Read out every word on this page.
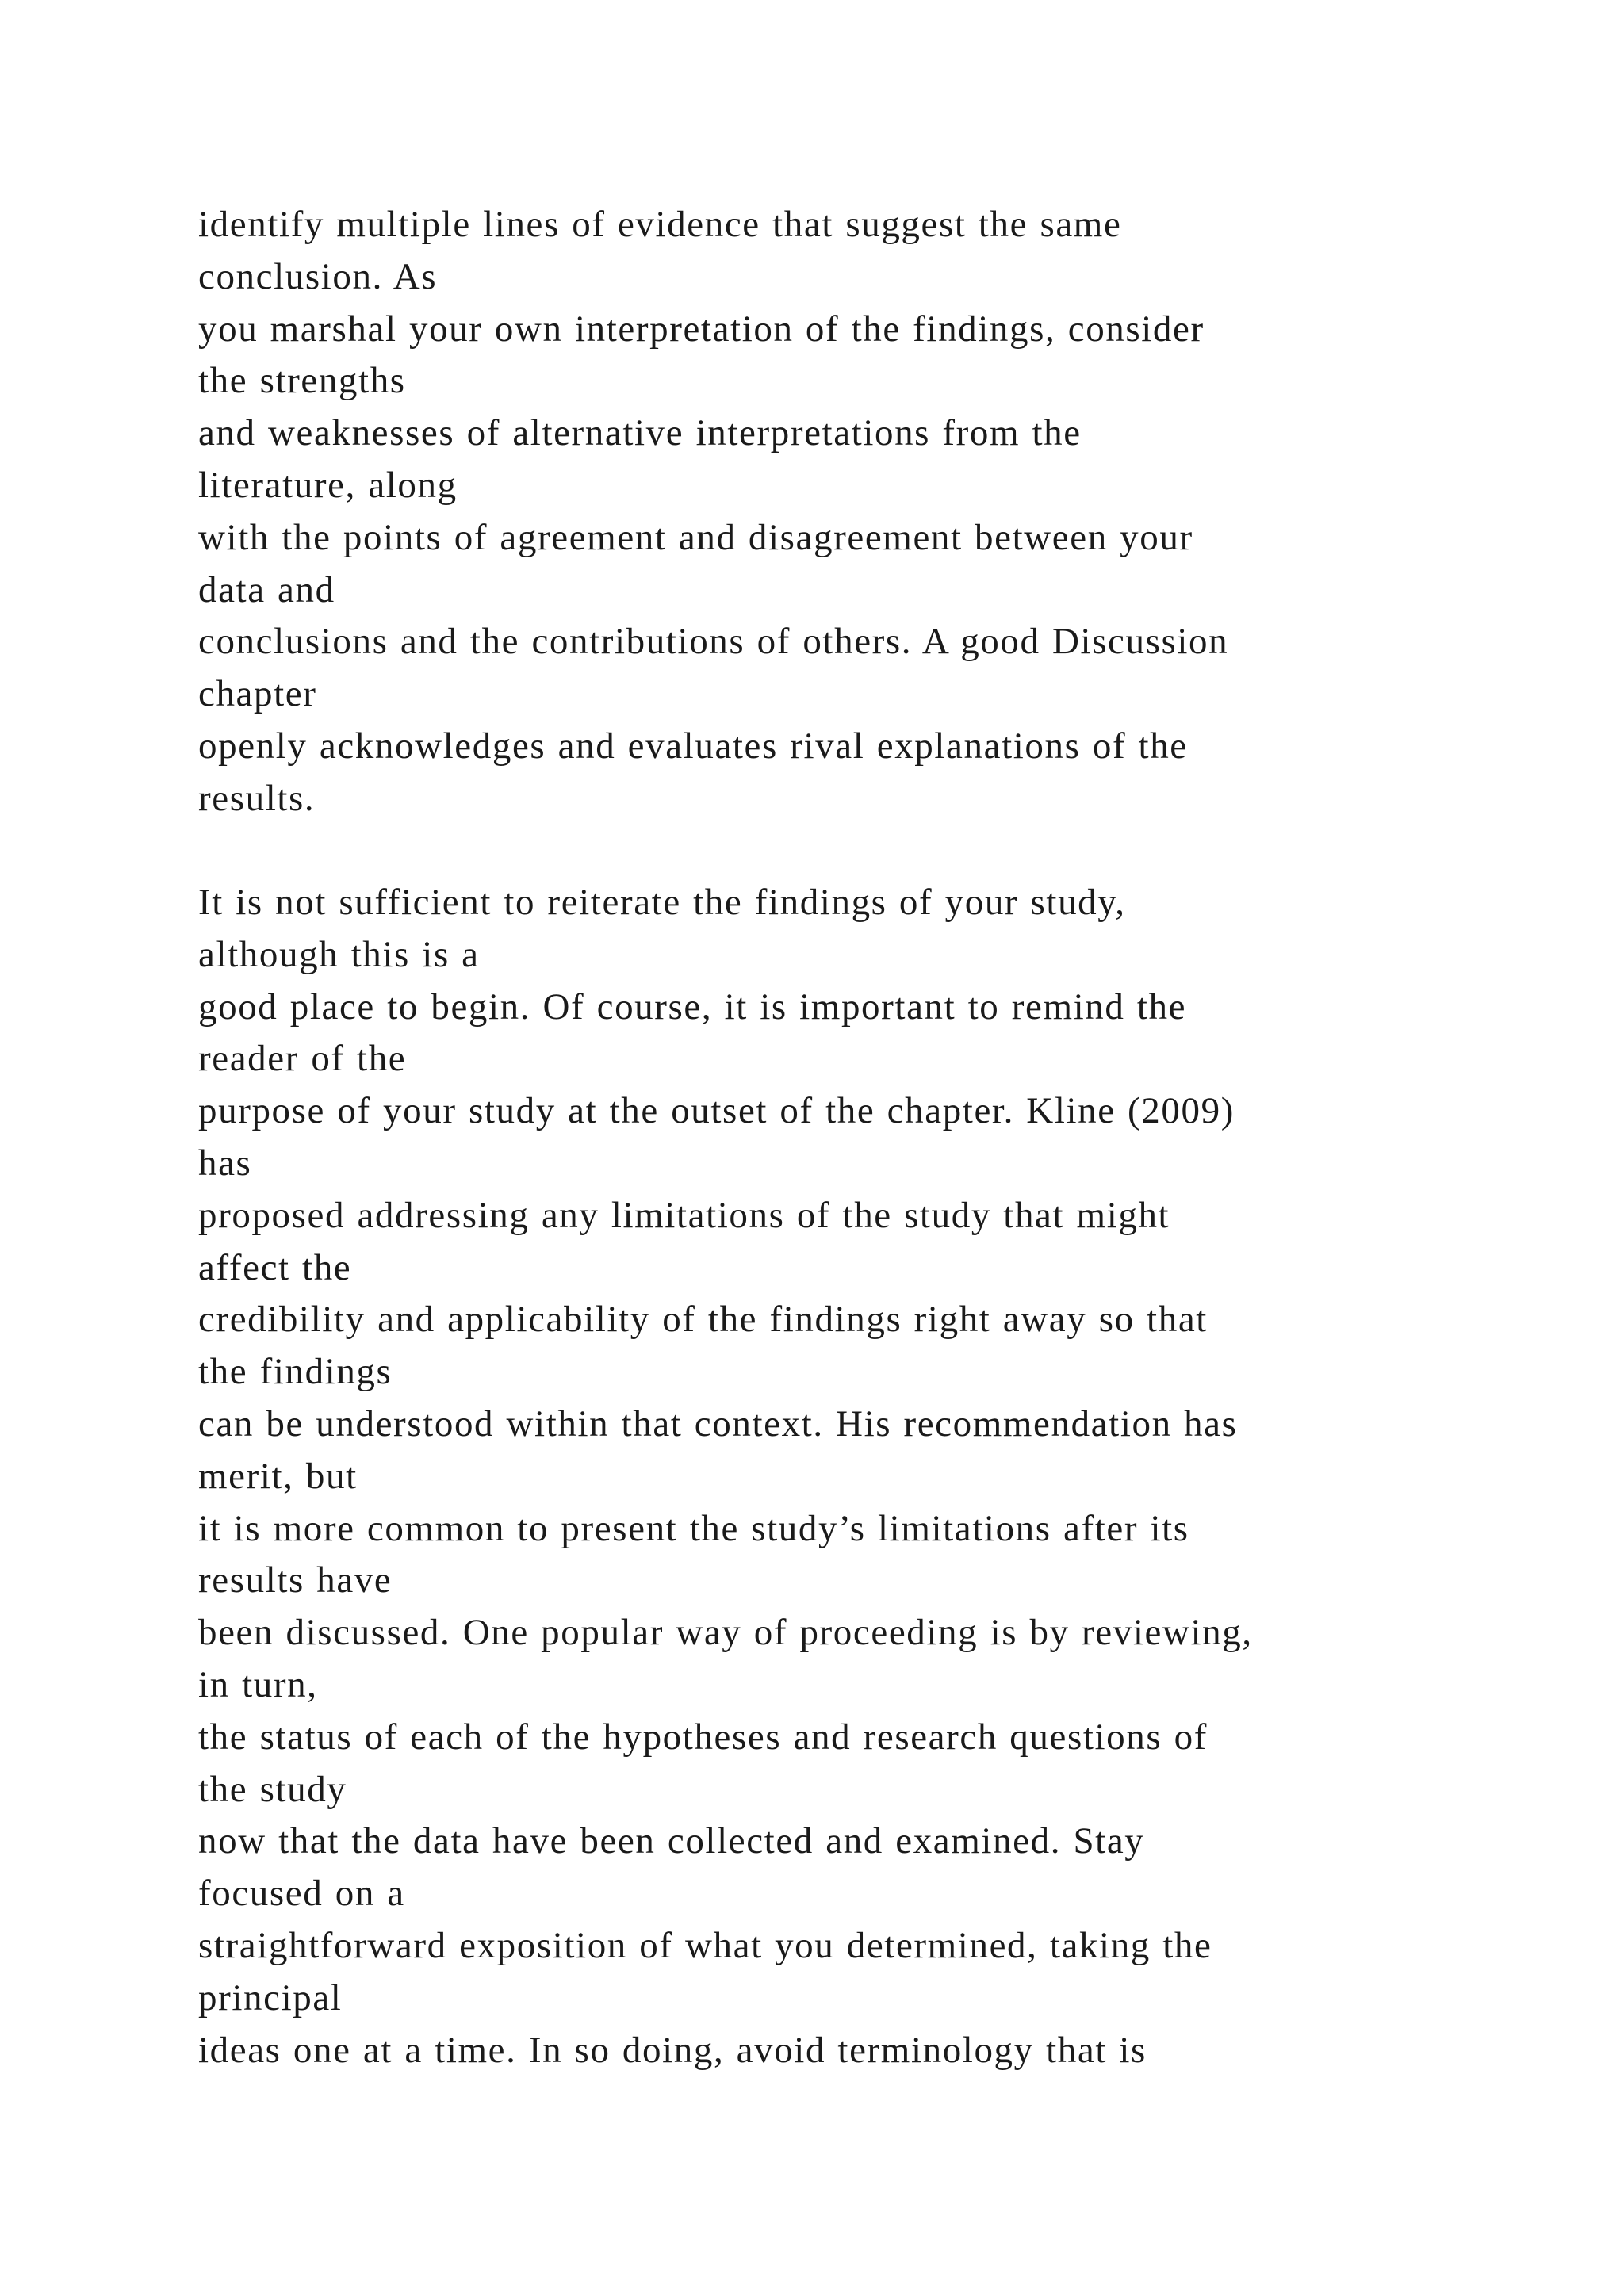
identify multiple lines of evidence that suggest the same
conclusion. As
you marshal your own interpretation of the findings, consider
the strengths
and weaknesses of alternative interpretations from the
literature, along
with the points of agreement and disagreement between your
data and
conclusions and the contributions of others. A good Discussion
chapter
openly acknowledges and evaluates rival explanations of the
results.
It is not sufficient to reiterate the findings of your study,
although this is a
good place to begin. Of course, it is important to remind the
reader of the
purpose of your study at the outset of the chapter. Kline (2009)
has
proposed addressing any limitations of the study that might
affect the
credibility and applicability of the findings right away so that
the findings
can be understood within that context. His recommendation has
merit, but
it is more common to present the study’s limitations after its
results have
been discussed. One popular way of proceeding is by reviewing,
in turn,
the status of each of the hypotheses and research questions of
the study
now that the data have been collected and examined. Stay
focused on a
straightforward exposition of what you determined, taking the
principal
ideas one at a time. In so doing, avoid terminology that is
